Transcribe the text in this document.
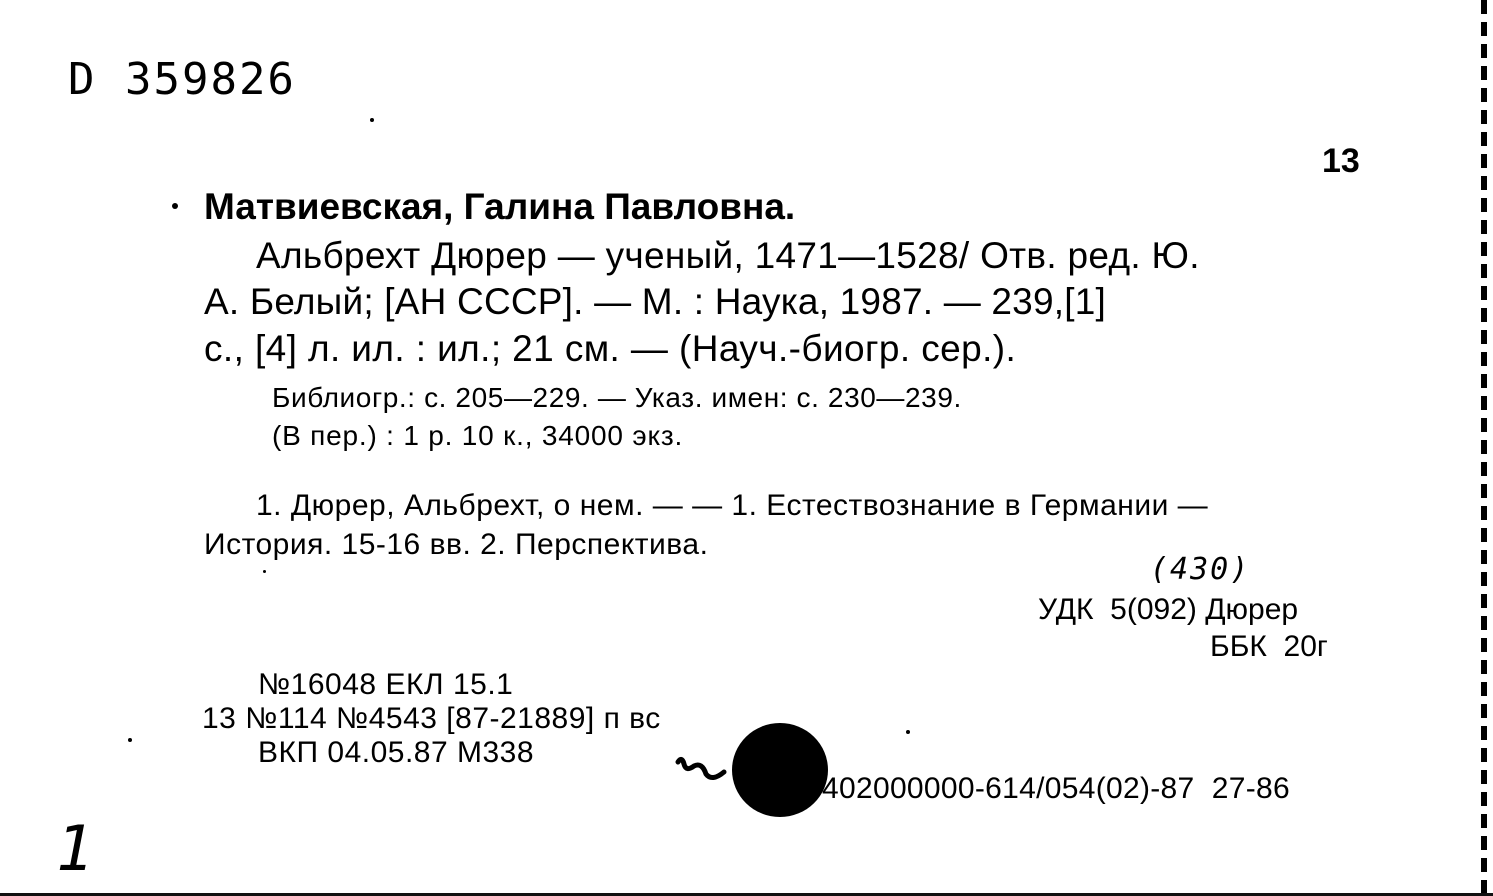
D 359826
13
Матвиевская, Галина Павловна.
Альбрехт Дюрер — ученый, 1471—1528/ Отв. ред. Ю.
А. Белый; [АН СССР]. — М. : Наука, 1987. — 239,[1]
с., [4] л. ил. : ил.; 21 см. — (Науч.-биогр. сер.).
Библиогр.: с. 205—229. — Указ. имен: с. 230—239.
(В пер.) : 1 р. 10 к., 34000 экз.
1. Дюрер, Альбрехт, о нем. — — 1. Естествознание в Германии —
История. 15-16 вв. 2. Перспектива.
(430)
УДК  5(092) Дюрер
ББК  20г
№16048 ЕКЛ 15.1
13 №114 №4543 [87-21889] п вс
ВКП 04.05.87 М338
402000000-614/054(02)-87  27-86
1
